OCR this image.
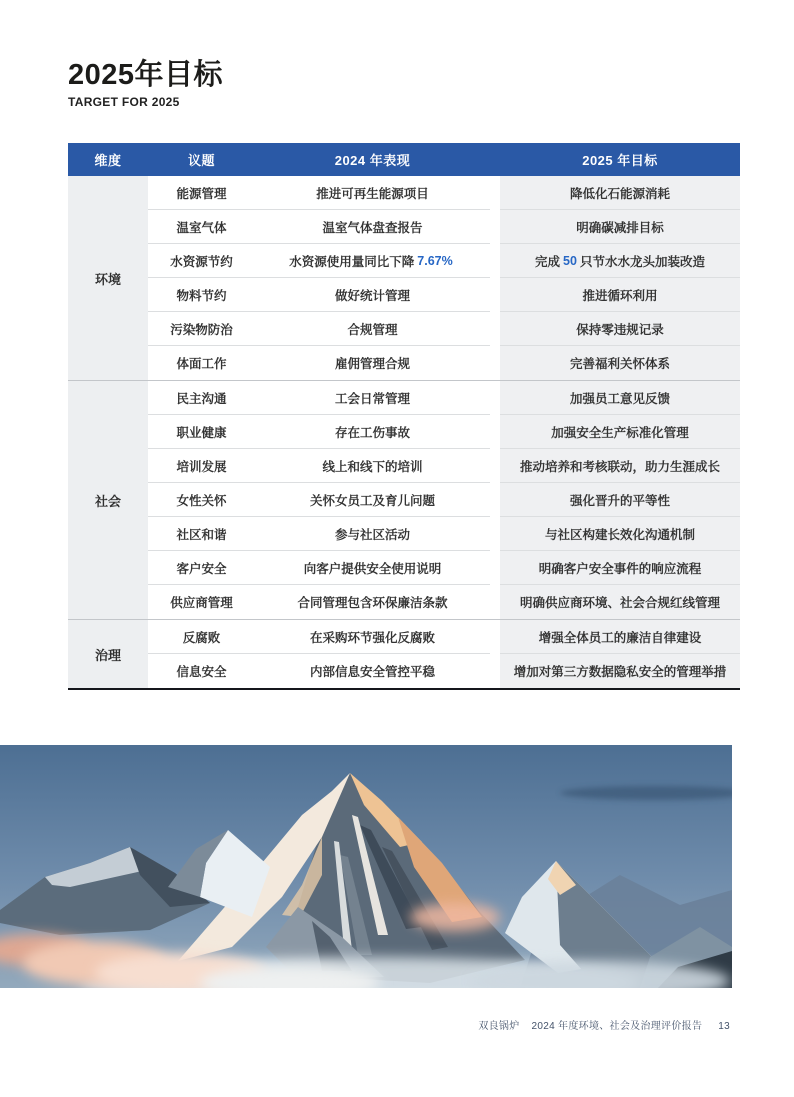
2025年目标
TARGET FOR 2025
维度	议题	2024 年表现	2025 年目标
环境
能源管理	推进可再生能源项目	降低化石能源消耗
温室气体	温室气体盘查报告	明确碳减排目标
水资源节约	水资源使用量同比下降 7.67%	完成 50 只节水水龙头加装改造
物料节约	做好统计管理	推进循环利用
污染物防治	合规管理	保持零违规记录
体面工作	雇佣管理合规	完善福利关怀体系
社会
民主沟通	工会日常管理	加强员工意见反馈
职业健康	存在工伤事故	加强安全生产标准化管理
培训发展	线上和线下的培训	推动培养和考核联动，助力生涯成长
女性关怀	关怀女员工及育儿问题	强化晋升的平等性
社区和谐	参与社区活动	与社区构建长效化沟通机制
客户安全	向客户提供安全使用说明	明确客户安全事件的响应流程
供应商管理	合同管理包含环保廉洁条款	明确供应商环境、社会合规红线管理
治理
反腐败	在采购环节强化反腐败	增强全体员工的廉洁自律建设
信息安全	内部信息安全管控平稳	增加对第三方数据隐私安全的管理举措
双良锅炉 2024 年度环境、社会及治理评价报告 13
